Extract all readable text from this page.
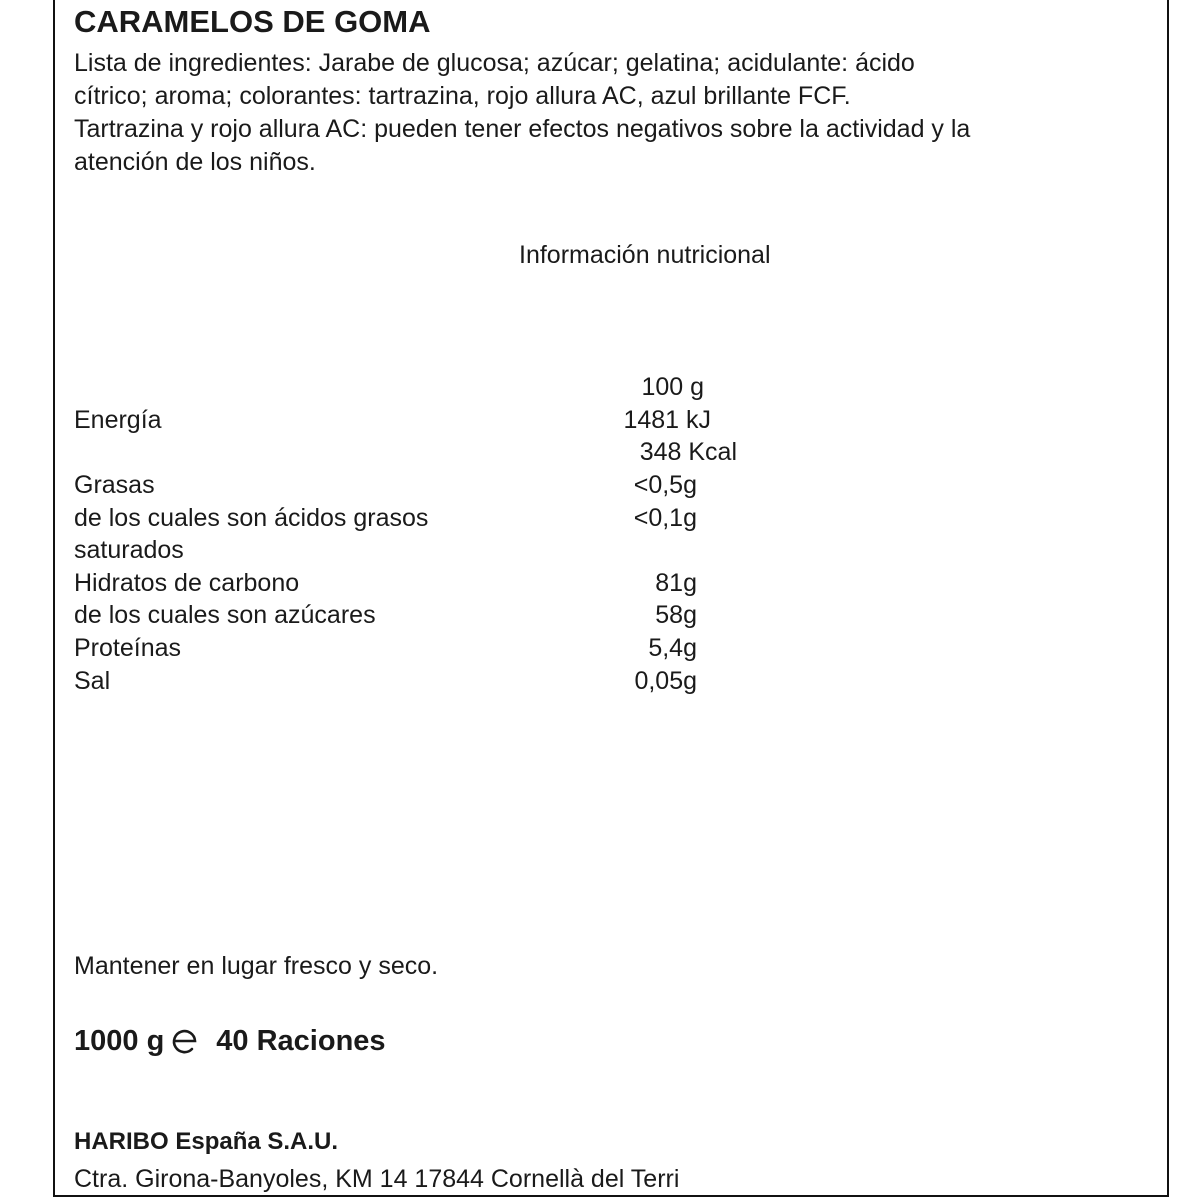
CARAMELOS DE GOMA
Lista de ingredientes: Jarabe de glucosa; azúcar; gelatina; acidulante: ácido
cítrico; aroma; colorantes: tartrazina, rojo allura AC, azul brillante FCF.
Tartrazina y rojo allura AC: pueden tener efectos negativos sobre la actividad y la
atención de los niños.
Información nutricional
100 g
Energía	1481 kJ
348 Kcal
Grasas	<0,5g
de los cuales son ácidos grasos	<0,1g
saturados
Hidratos de carbono	81g
de los cuales son azúcares	58g
Proteínas	5,4g
Sal	0,05g
Mantener en lugar fresco y seco.
1000 g 40 Raciones
HARIBO España S.A.U.
Ctra. Girona-Banyoles, KM 14 17844 Cornellà del Terri
